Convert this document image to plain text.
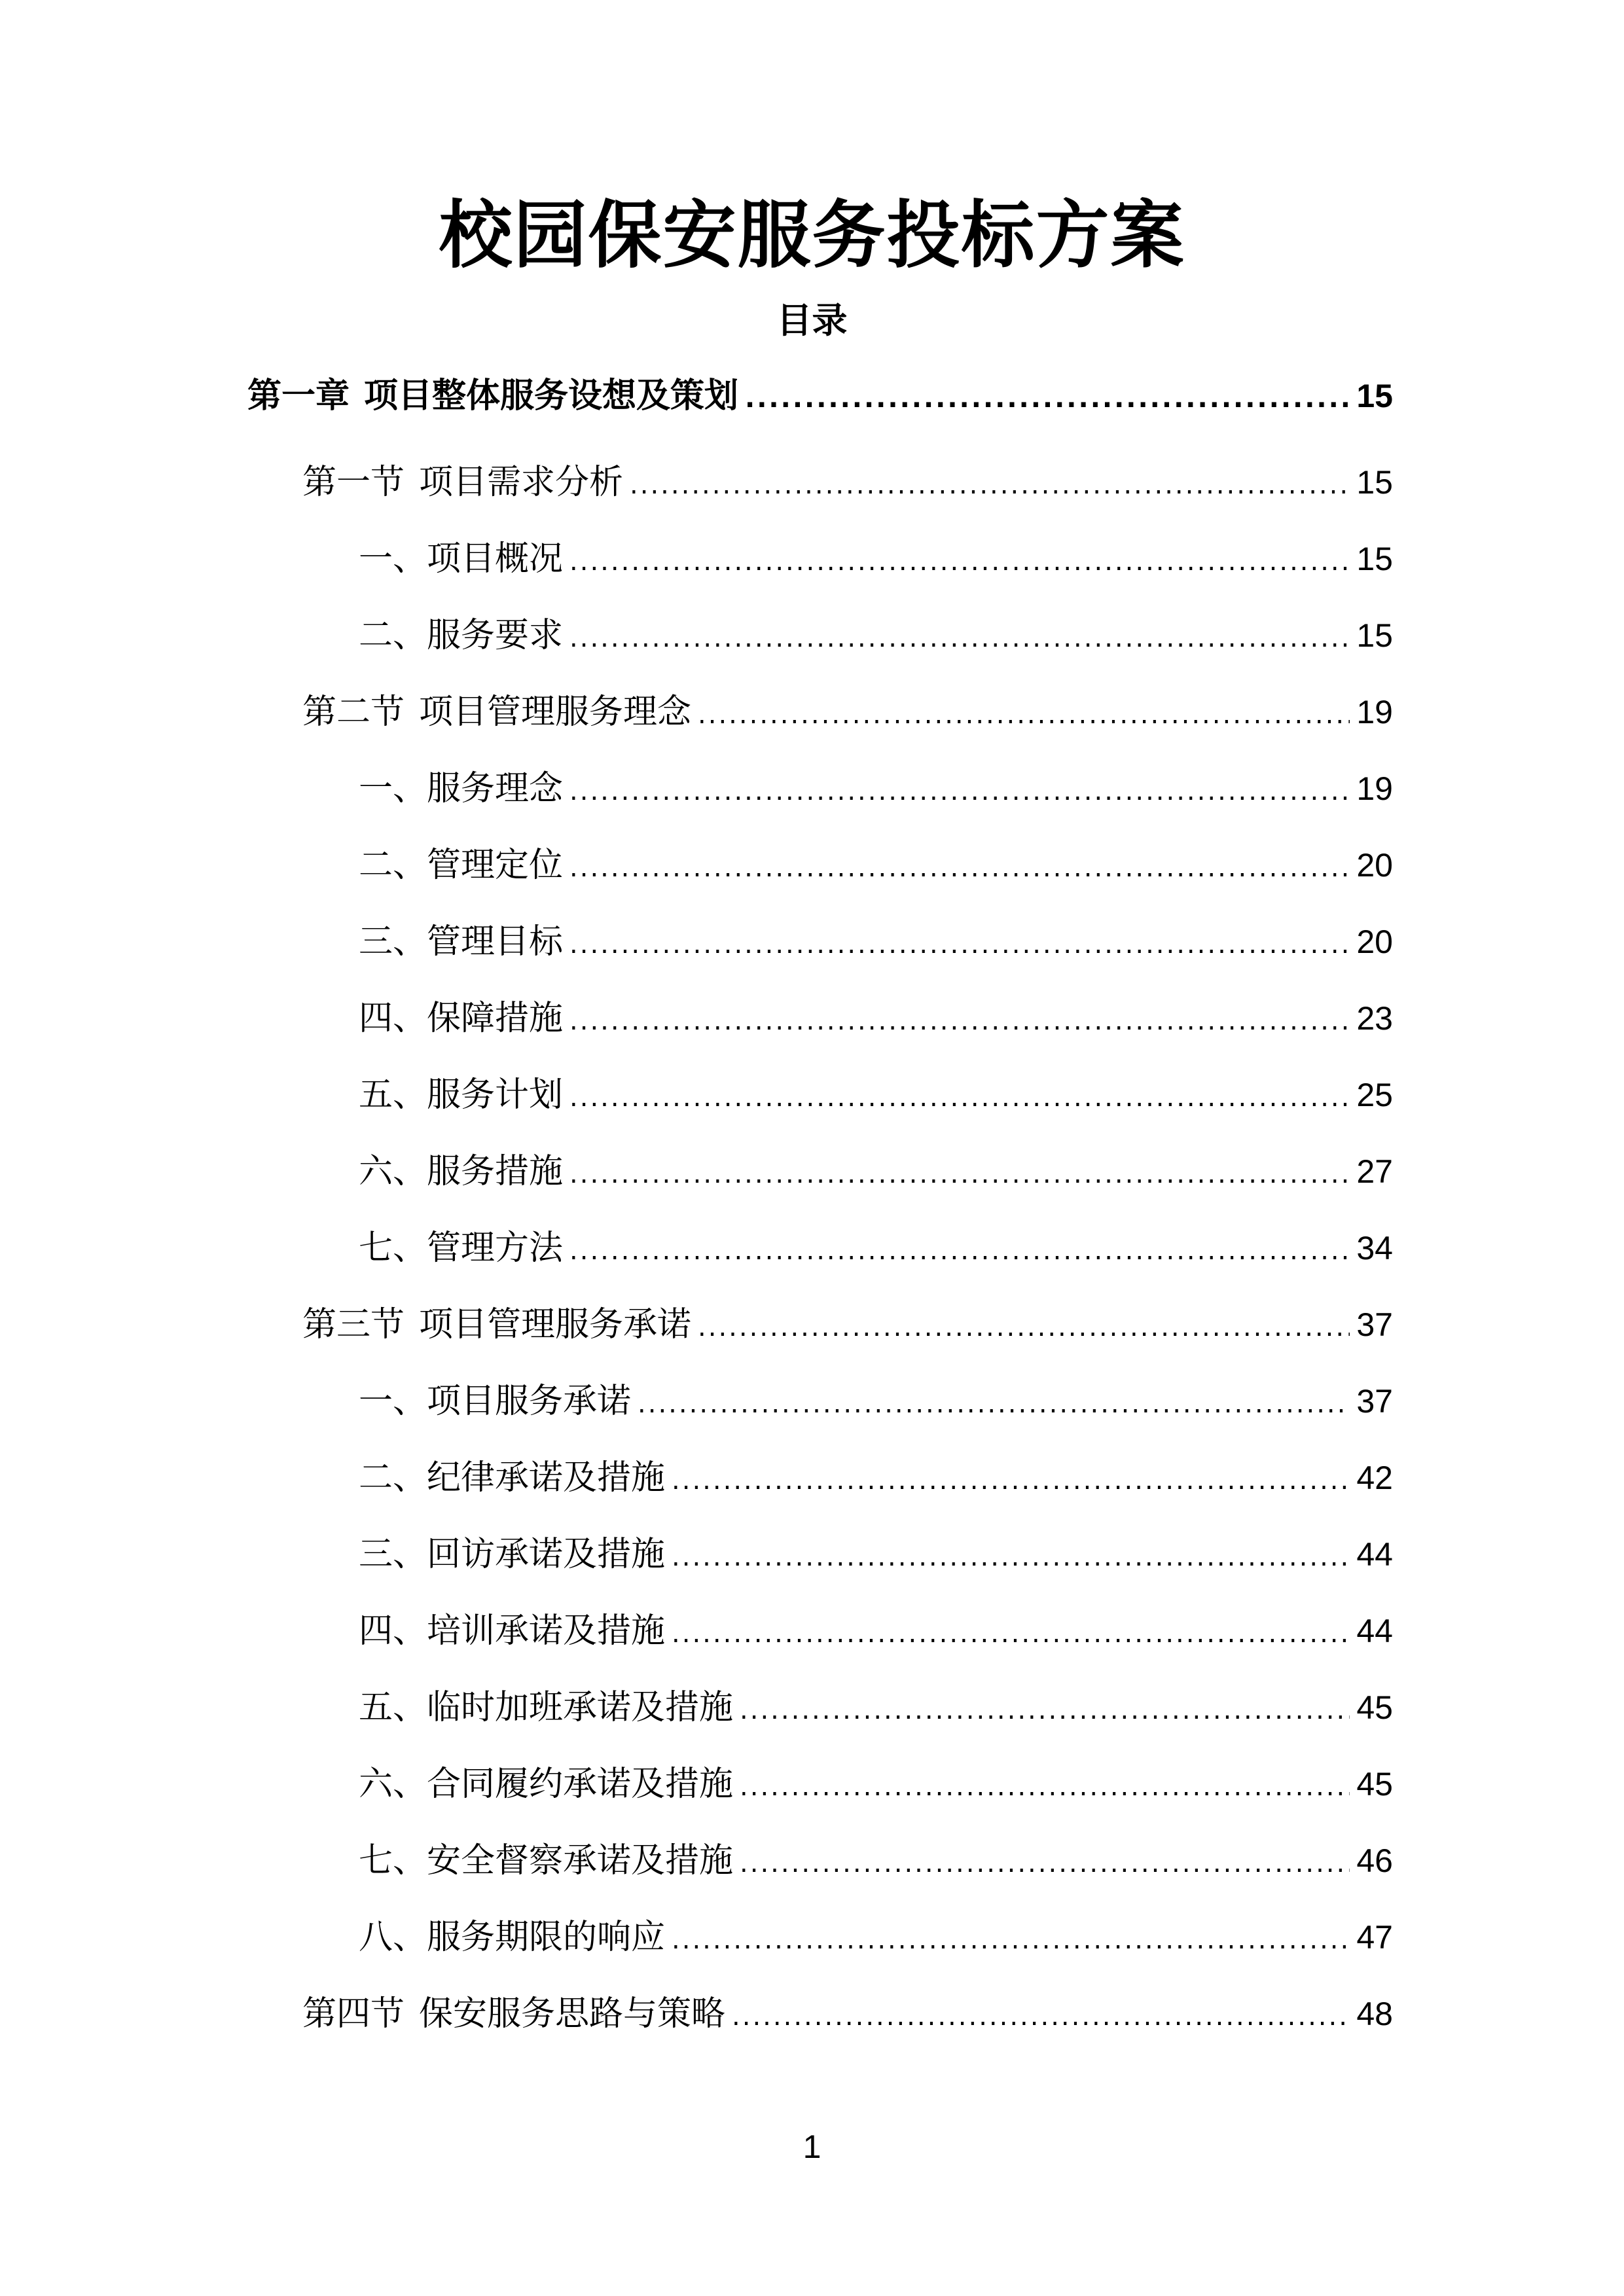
校园保安服务投标方案
目录
第一章 项目整体服务设想及策划 .....	15
第一节 项目需求分析 .....	15
一、项目概况 .....	15
二、服务要求 .....	15
第二节 项目管理服务理念 .....	19
一、服务理念 .....	19
二、管理定位 .....	20
三、管理目标 .....	20
四、保障措施 .....	23
五、服务计划 .....	25
六、服务措施 .....	27
七、管理方法 .....	34
第三节 项目管理服务承诺 .....	37
一、项目服务承诺 .....	37
二、纪律承诺及措施 .....	42
三、回访承诺及措施 .....	44
四、培训承诺及措施 .....	44
五、临时加班承诺及措施 .....	45
六、合同履约承诺及措施 .....	45
七、安全督察承诺及措施 .....	46
八、服务期限的响应 .....	47
第四节 保安服务思路与策略 .....	48
1
